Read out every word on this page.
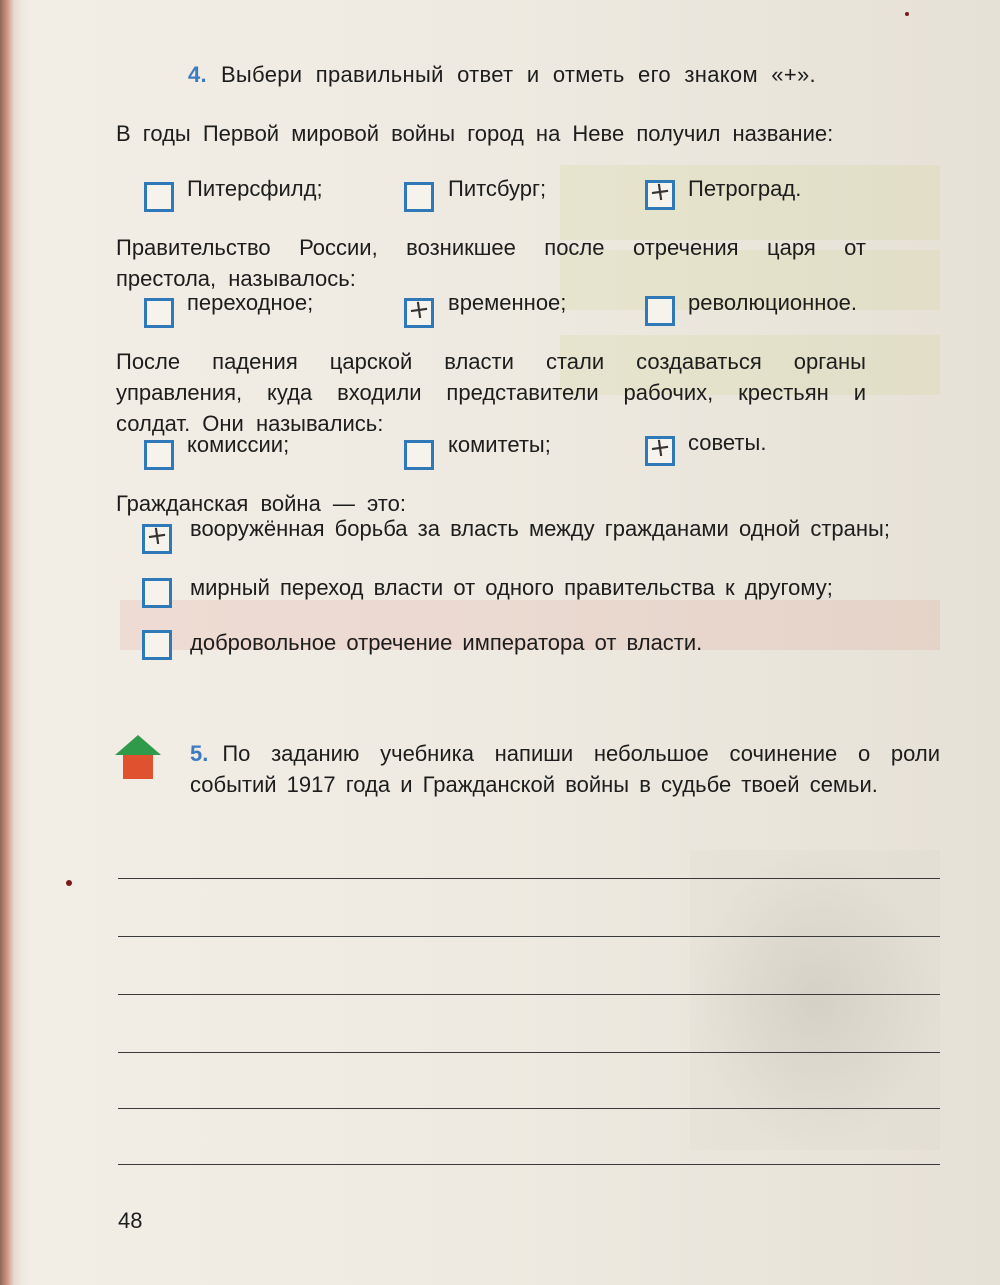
4. Выбери правильный ответ и отметь его знаком «+».
В годы Первой мировой войны город на Неве получил название:
Питерсфилд;	Питсбург;	+ Петроград.
Правительство России, возникшее после отречения царя от престола, называлось:
переходное;	+ временное;	революционное.
После падения царской власти стали создаваться органы управления, куда входили представители рабочих, крестьян и солдат. Они назывались:
комиссии;	комитеты;	+ советы.
Гражданская война — это:
+ вооружённая борьба за власть между гражданами одной страны;
мирный переход власти от одного правительства к другому;
добровольное отречение императора от власти.
5. По заданию учебника напиши небольшое сочинение о роли событий 1917 года и Гражданской войны в судьбе твоей семьи.
48
